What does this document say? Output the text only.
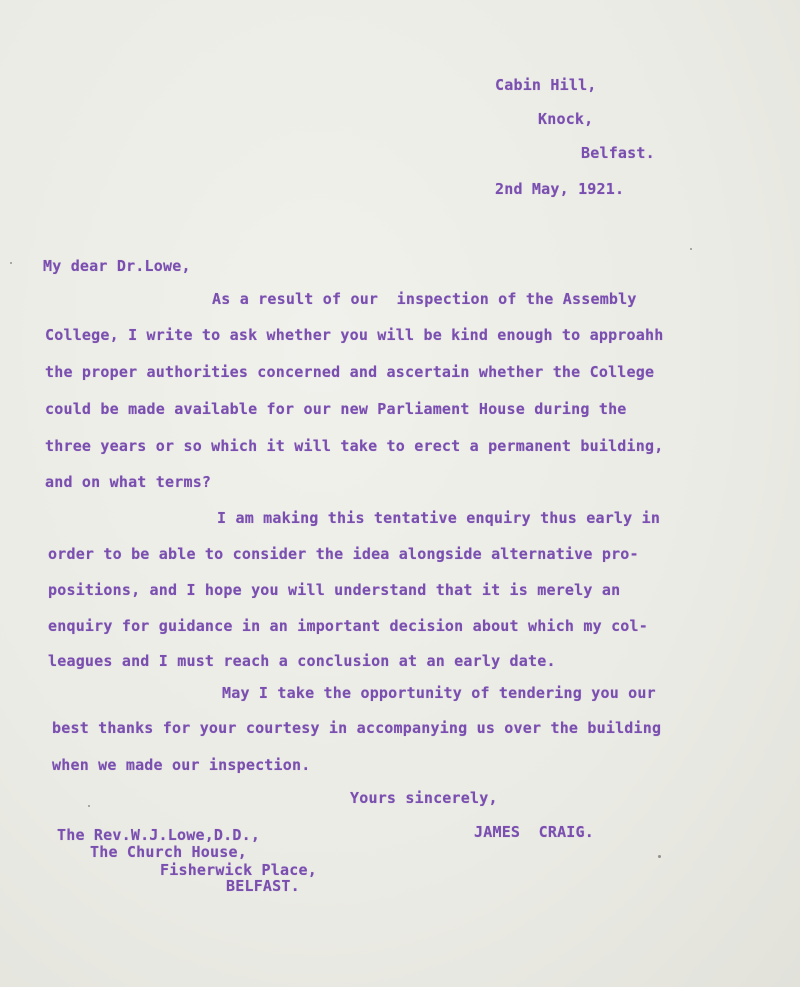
Cabin Hill,
Knock,
Belfast.
2nd May, 1921.
My dear Dr.Lowe,
As a result of our  inspection of the Assembly
College, I write to ask whether you will be kind enough to approahh
the proper authorities concerned and ascertain whether the College
could be made available for our new Parliament House during the
three years or so which it will take to erect a permanent building,
and on what terms?
I am making this tentative enquiry thus early in
order to be able to consider the idea alongside alternative pro-
positions, and I hope you will understand that it is merely an
enquiry for guidance in an important decision about which my col-
leagues and I must reach a conclusion at an early date.
May I take the opportunity of tendering you our
best thanks for your courtesy in accompanying us over the building
when we made our inspection.
Yours sincerely,
JAMES  CRAIG.
The Rev.W.J.Lowe,D.D.,
The Church House,
Fisherwick Place,
BELFAST.
